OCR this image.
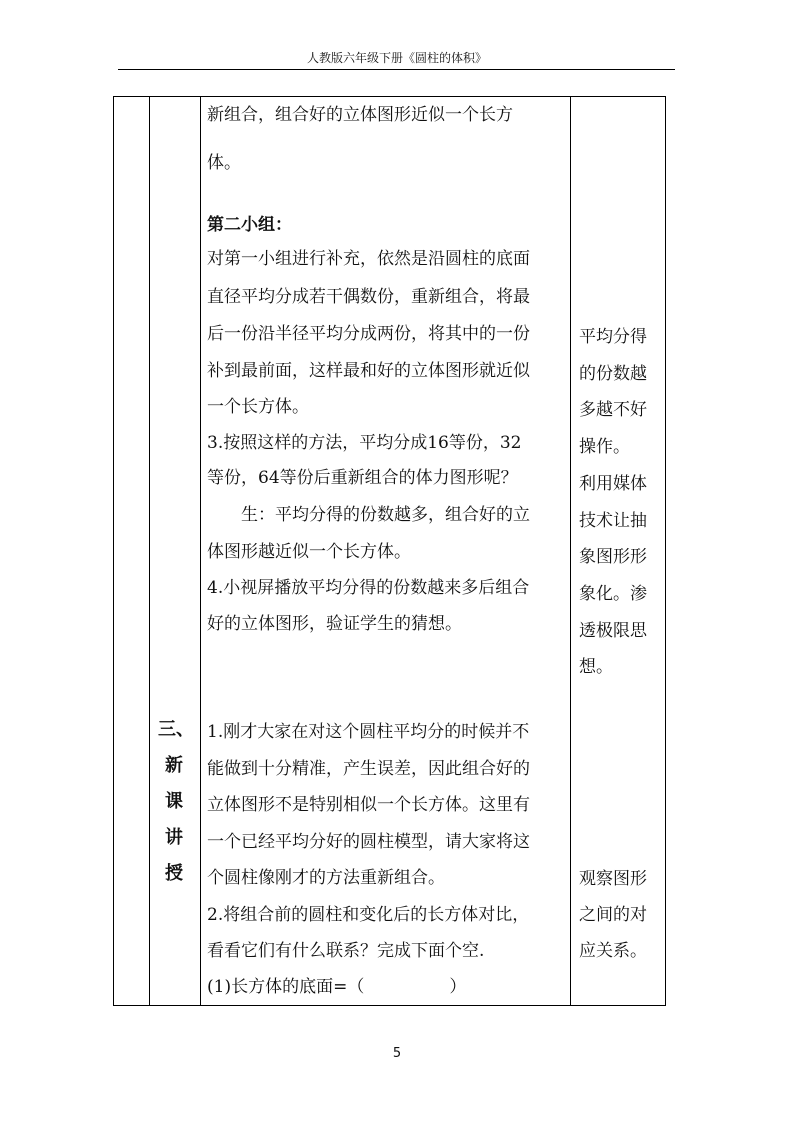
人教版六年级下册《圆柱的体积》
三、
新
课
讲
授

新组合，组合好的立体图形近似一个长方

体。

第二小组：

对第一小组进行补充，依然是沿圆柱的底面

直径平均分成若干偶数份，重新组合，将最

后一份沿半径平均分成两份，将其中的一份

补到最前面，这样最和好的立体图形就近似

一个长方体。

3.按照这样的方法，平均分成16等份，32

等份，64等份后重新组合的体力图形呢？

生：平均分得的份数越多，组合好的立

体图形越近似一个长方体。

4.小视屏播放平均分得的份数越来多后组合

好的立体图形，验证学生的猜想。

1.刚才大家在对这个圆柱平均分的时候并不

能做到十分精准，产生误差，因此组合好的

立体图形不是特别相似一个长方体。这里有

一个已经平均分好的圆柱模型，请大家将这

个圆柱像刚才的方法重新组合。

2.将组合前的圆柱和变化后的长方体对比，

看看它们有什么联系？完成下面个空.

(1)长方体的底面=（　　　　　）

平均分得
的份数越
多越不好
操作。
利用媒体
技术让抽
象图形形
象化。渗
透极限思
想。
观察图形
之间的对
应关系。
5
